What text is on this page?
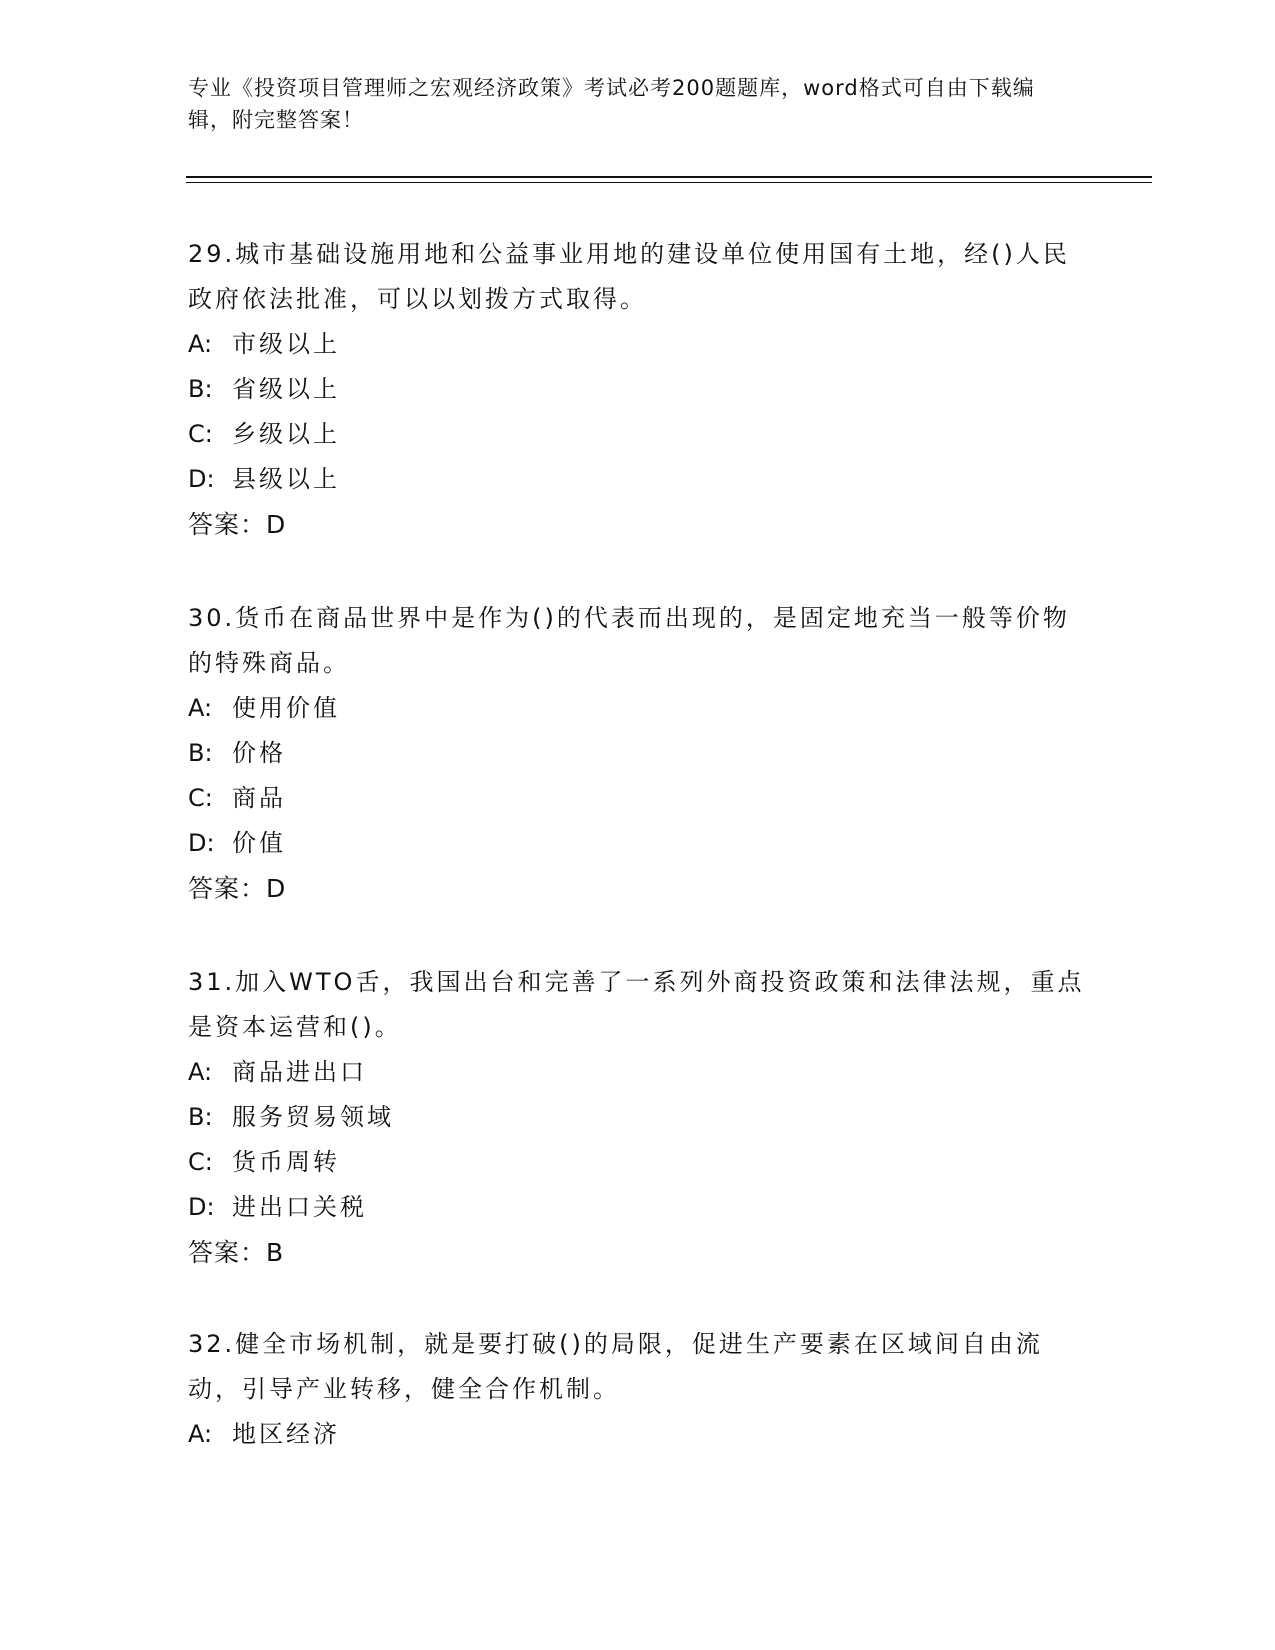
专业《投资项目管理师之宏观经济政策》考试必考200题题库，word格式可自由下载编辑，附完整答案！

29.城市基础设施用地和公益事业用地的建设单位使用国有土地，经()人民政府依法批准，可以以划拨方式取得。

A: 市级以上
B: 省级以上
C: 乡级以上
D: 县级以上
答案：D

30.货币在商品世界中是作为()的代表而出现的，是固定地充当一般等价物的特殊商品。

A: 使用价值
B: 价格
C: 商品
D: 价值
答案：D

31.加入WTO舌，我国出台和完善了一系列外商投资政策和法律法规，重点是资本运营和()。

A: 商品进出口
B: 服务贸易领域
C: 货币周转
D: 进出口关税
答案：B

32.健全市场机制，就是要打破()的局限，促进生产要素在区域间自由流动，引导产业转移，健全合作机制。

A: 地区经济
